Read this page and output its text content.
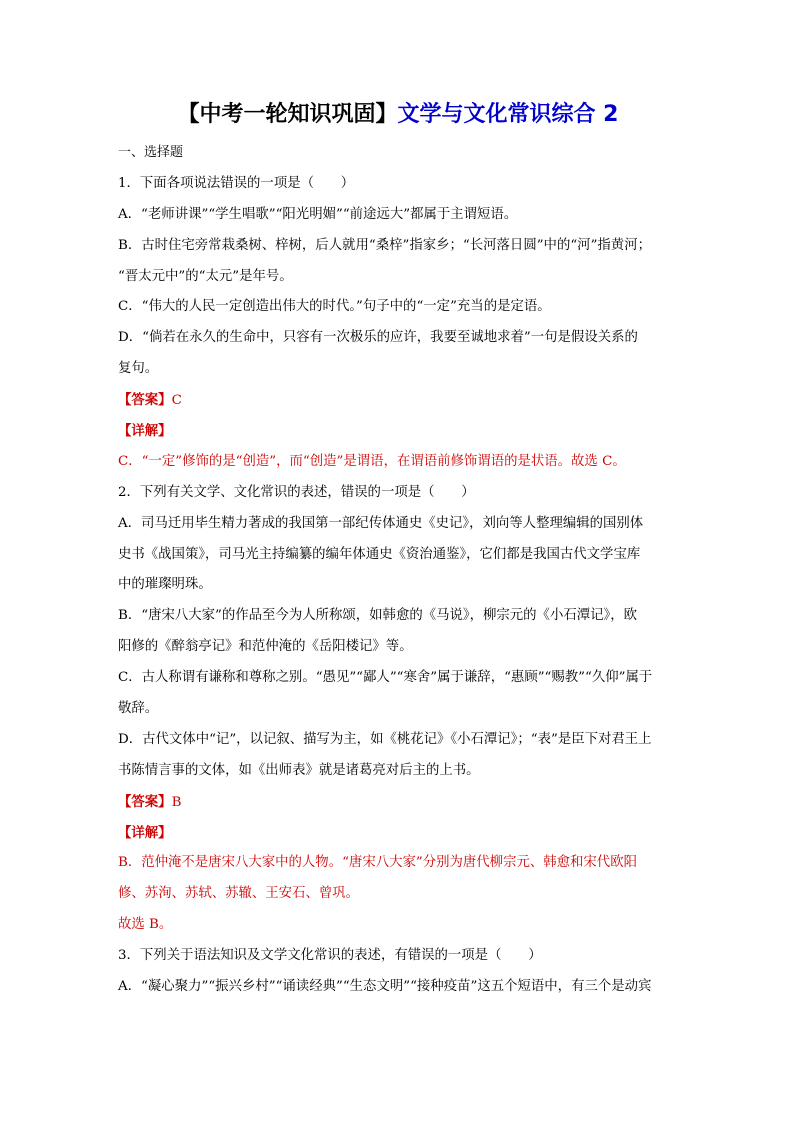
【中考一轮知识巩固】文学与文化常识综合 2
一、选择题
1．下面各项说法错误的一项是（　　）
A．“老师讲课”“学生唱歌”“阳光明媚”“前途远大”都属于主谓短语。
B．古时住宅旁常栽桑树、梓树，后人就用“桑梓”指家乡；“长河落日圆”中的“河”指黄河；
“晋太元中”的“太元”是年号。
C．“伟大的人民一定创造出伟大的时代。”句子中的“一定”充当的是定语。
D．“倘若在永久的生命中，只容有一次极乐的应许，我要至诚地求着”一句是假设关系的
复句。
【答案】C
【详解】
C．“一定”修饰的是“创造”，而“创造”是谓语，在谓语前修饰谓语的是状语。故选 C。
2．下列有关文学、文化常识的表述，错误的一项是（　　）
A．司马迁用毕生精力著成的我国第一部纪传体通史《史记》，刘向等人整理编辑的国别体
史书《战国策》，司马光主持编纂的编年体通史《资治通鉴》，它们都是我国古代文学宝库
中的璀璨明珠。
B．“唐宋八大家”的作品至今为人所称颂，如韩愈的《马说》，柳宗元的《小石潭记》，欧
阳修的《醉翁亭记》和范仲淹的《岳阳楼记》等。
C．古人称谓有谦称和尊称之别。“愚见”“鄙人”“寒舍”属于谦辞，“惠顾”“赐教”“久仰”属于
敬辞。
D．古代文体中“记”，以记叙、描写为主，如《桃花记》《小石潭记》；“表”是臣下对君王上
书陈情言事的文体，如《出师表》就是诸葛亮对后主的上书。
【答案】B
【详解】
B．范仲淹不是唐宋八大家中的人物。“唐宋八大家”分别为唐代柳宗元、韩愈和宋代欧阳
修、苏洵、苏轼、苏辙、王安石、曾巩。
故选 B。
3．下列关于语法知识及文学文化常识的表述，有错误的一项是（　　）
A．“凝心聚力”“振兴乡村”“诵读经典”“生态文明”“接种疫苗”这五个短语中，有三个是动宾
